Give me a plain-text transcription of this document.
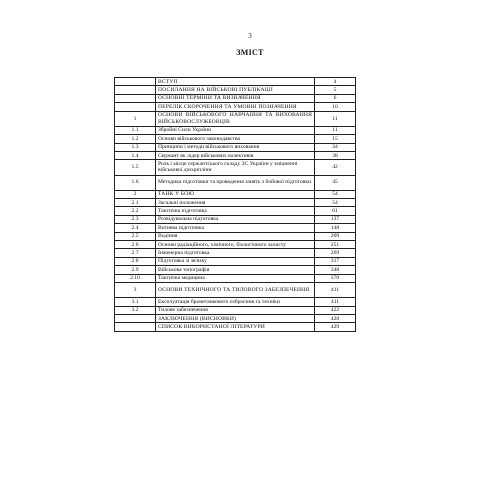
3
ЗМІСТ
	ВСТУП	4
	ПОСИЛАННЯ НА ВІЙСЬКОВІ ПУБЛІКАЦІЇ	5
	ОСНОВНІ ТЕРМІНИ ТА ВИЗНАЧЕННЯ	6
	ПЕРЕЛІК СКОРОЧЕННЯ ТА УМОВНІ ПОЗНАЧЕННЯ	10
1	ОСНОВИ ВІЙСЬКОВОГО НАВЧАННЯ ТА ВИХОВАННЯ ВІЙСЬКОВОСЛУЖБОВЦІВ	11
1.1	Збройні Сили України	11
1.2	Основи військового законодавства	15
1.3	Принципи і методи військового виховання	34
1.4	Сержант як лідер військових колективів	38
1.5	Роль і місце сержантського складу ЗС України у зміцненні військової дисципліни	42
1.6	Методика підготовки та проведення занять з бойової підготовки	45
2	ТАНК У БОЮ	54
2.1	Загальні положення	54
2.2	Тактична підготовка	61
2.3	Розвідувальна підготовка	137
2.4	Вогнева підготовка	148
2.5	Водіння	209
2.6	Основи радіаційного, хімічного, біологічного захисту	251
2.7	Інженерна підготовка	269
2.8	Підготовка зі зв'язку	317
2.9	Військова топографія	348
2.10	Тактична медицина	370
3	ОСНОВИ ТЕХНІЧНОГО ТА ТИЛОВОГО ЗАБЕЗПЕЧЕННЯ	411
3.1	Експлуатація бронетанкового озброєння та техніки	411
3.2	Тилове забезпечення	422
	ЗАКЛЮЧЕННЯ (ВИСНОВКИ)	428
	СПИСОК ВИКОРИСТАНОЇ ЛІТЕРАТУРИ	429
